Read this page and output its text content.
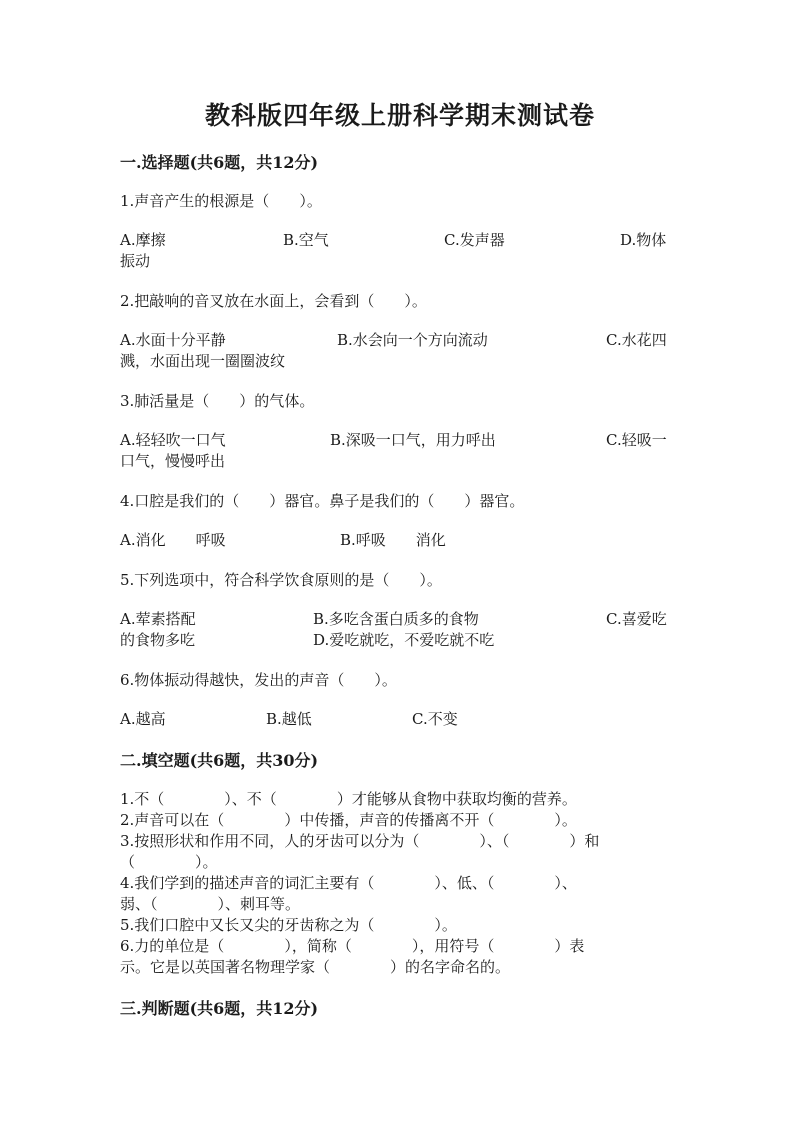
教科版四年级上册科学期末测试卷
一.选择题(共6题，共12分)
1.声音产生的根源是（　　）。
A.摩擦	B.空气	C.发声器	D.物体
振动
2.把敲响的音叉放在水面上，会看到（　　）。
A.水面十分平静	B.水会向一个方向流动	C.水花四
溅，水面出现一圈圈波纹
3.肺活量是（　　）的气体。
A.轻轻吹一口气	B.深吸一口气，用力呼出	C.轻吸一
口气，慢慢呼出
4.口腔是我们的（　　）器官。鼻子是我们的（　　）器官。
A.消化　　呼吸	B.呼吸　　消化
5.下列选项中，符合科学饮食原则的是（　　）。
A.荤素搭配	B.多吃含蛋白质多的食物	C.喜爱吃
的食物多吃	D.爱吃就吃，不爱吃就不吃
6.物体振动得越快，发出的声音（　　）。
A.越高	B.越低	C.不变
二.填空题(共6题，共30分)
1.不（　　　　）、不（　　　　）才能够从食物中获取均衡的营养。
2.声音可以在（　　　　）中传播，声音的传播离不开（　　　　）。
3.按照形状和作用不同，人的牙齿可以分为（　　　　）、（　　　　）和
（　　　　）。
4.我们学到的描述声音的词汇主要有（　　　　）、低、（　　　　）、
弱、（　　　　）、刺耳等。
5.我们口腔中又长又尖的牙齿称之为（　　　　）。
6.力的单位是（　　　　），简称（　　　　），用符号（　　　　）表
示。它是以英国著名物理学家（　　　　）的名字命名的。
三.判断题(共6题，共12分)
